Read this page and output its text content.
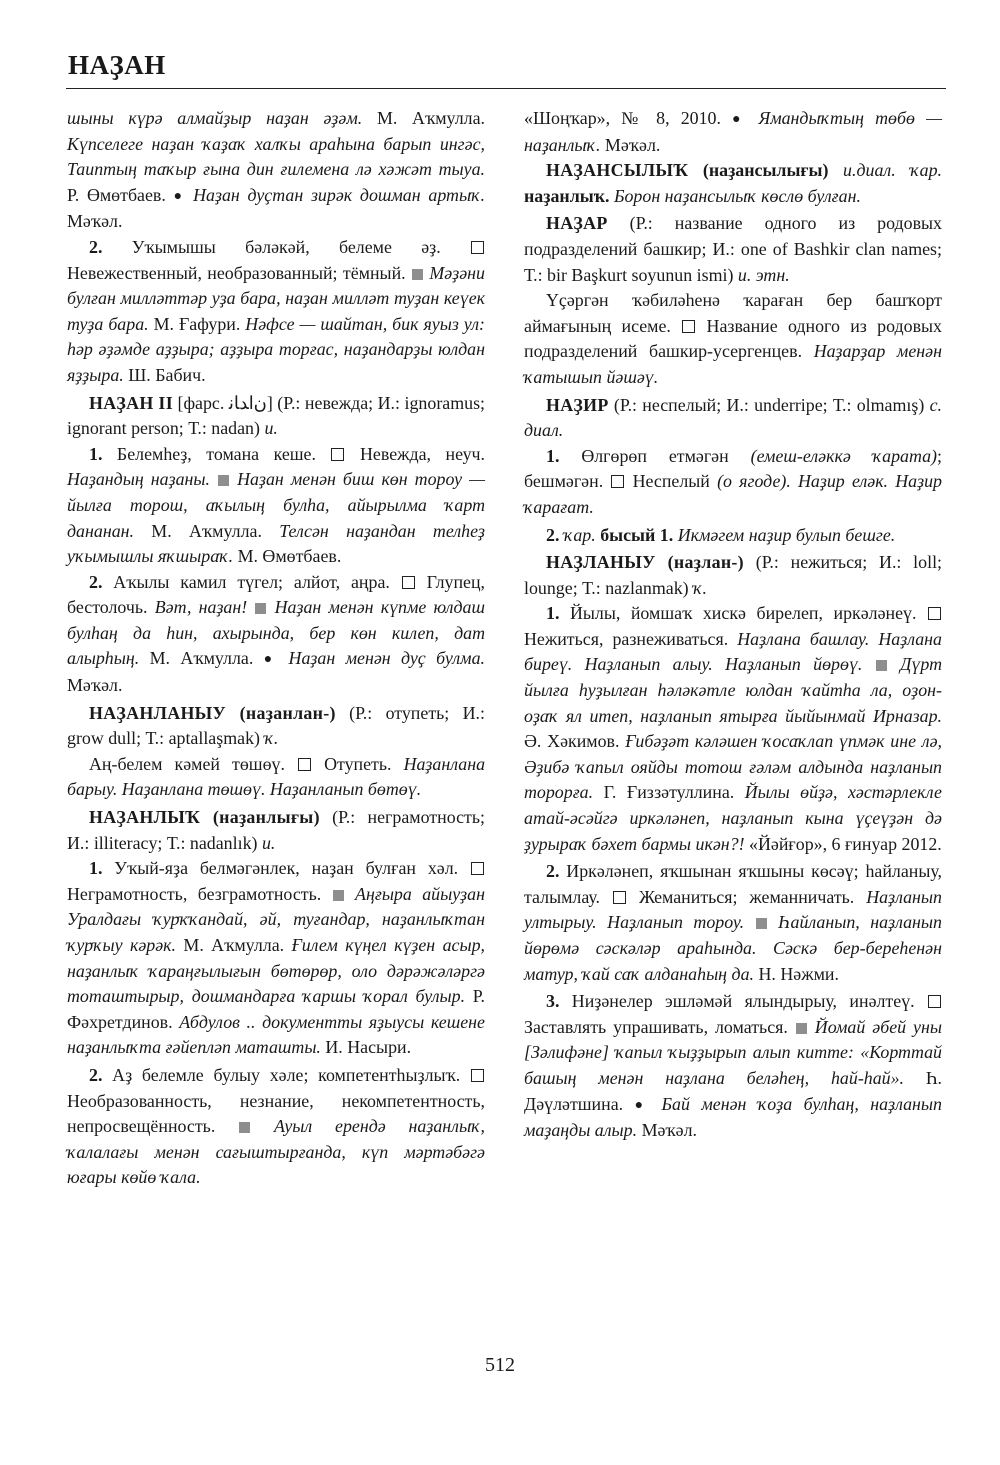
НАҘАН

шыны күрә алмайҙыр наҙан әҙәм. М. Аҡмулла. Күпселеге наҙан ҡаҙаҡ халҡы араһына барып ингәс, Таиптың таҡыр ғына дин ғилемена лә хәжәт тыуа. Р. Өмөтбаев. ● Наҙан дуҫтан зирәк дошман артыҡ. Мәҡәл.

2. Уҡымышы бәләкәй, белеме әҙ.  Невежественный, необразованный; тёмный.  Мәҙәни булған милләттәр уҙа бара, наҙан милләт туҙан кеүек туҙа бара. М. Ғафури. Нәфсе — шайтан, бик яуыз ул: һәр әҙәмде аҙҙыра; аҙҙыра торғас, наҙандарҙы юлдан яҙҙыра. Ш. Бабич.

НАҘАН II [фарс. ﻥﺍﺪﺎﻧ] (Р.: невежда; И.: ignoramus; ignorant person; Т.: nadan) и.

1. Белемһеҙ, томана кеше.  Невежда, неуч. Наҙандың наҙаны. Наҙан менән биш көн тороу — йылға торош, аҡылың булһа, айырылма ҡарт дананан. М. Аҡмулла. Телсән наҙандан телһеҙ уҡымышлы яҡшыраҡ. М. Өмөтбаев.

2. Аҡылы камил түгел; алйот, аңра.  Глупец, бестолочь. Вәт, наҙан! Наҙан менән күпме юлдаш булһаң да һин, ахырында, бер көн килеп, дат алырһың. М. Аҡмулла. ● Наҙан менән дуҫ булма. Мәҡәл.

НАҘАНЛАНЫУ (наҙанлан-) (Р.: отупеть; И.: grow dull; Т.: aptallaşmak) ҡ.

Аң-белем кәмей төшөү.  Отупеть. Наҙанлана барыу. Наҙанлана төшөү. Наҙанланып бөтөү.

НАҘАНЛЫҠ (наҙанлығы) (Р.: неграмотность; И.: illiteracy; Т.: nadanlık) и.

1. Уҡый-яҙа белмәгәнлек, наҙан булған хәл.  Неграмотность, безграмотность.  Аңғыра айыуҙан Уралдағы ҡурҡҡандай, әй, туғандар, наҙанлыҡтан ҡурҡыу кәрәк. М. Аҡмулла. Ғилем күңел күҙен асыр, наҙанлыҡ ҡараңғылығын бөтөрөр, оло дәрәжәләргә тоташтырыр, дошмандарға ҡаршы ҡорал булыр. Р. Фәхретдинов. Абдулов .. документты яҙыусы кешене наҙанлыҡта ғәйепләп маташты. И. Насыри.

2. Аҙ белемле булыу хәле; компетентһыҙлыҡ.  Необразованность, незнание, некомпетентность, непросвещённость.  Ауыл ерендә наҙанлыҡ, ҡалалағы менән сағыштырғанда, күп мәртәбәгә юғары көйө ҡала.

«Шоңҡар», № 8, 2010. ● Ямандыҡтың төбө — наҙанлыҡ. Мәҡәл.

НАҘАНСЫЛЫҠ (наҙансылығы) и.диал. ҡар. наҙанлыҡ. Борон наҙансылыҡ көслө булған.

НАҘАР (Р.: название одного из родовых подразделений башкир; И.: one of Bashkir clan names; Т.: bir Başkurt soyunun ismi) и. этн.

Үҫәргән ҡәбиләһенә ҡараған бер башҡорт аймағының исеме.  Название одного из родовых подразделений башкир-усергенцев. Наҙарҙар менән ҡатышып йәшәү.

НАҘИР (Р.: неспелый; И.: underripe; Т.: olmamış) с. диал.

1. Өлгөрөп етмәгән (емеш-еләккә ҡарата); бешмәгән.  Неспелый (о ягоде). Наҙир еләк. Наҙир ҡарағат.

2. ҡар. бысый 1. Икмәгем наҙир булып бешге.

НАҘЛАНЫУ (наҙлан-) (Р.: нежиться; И.: loll; lounge; Т.: nazlanmak) ҡ.

1. Йылы, йомшаҡ хискә бирелеп, иркәләнеү.  Нежиться, разнеживаться. Наҙлана башлау. Наҙлана биреү. Наҙланып алыу. Наҙланып йөрөү. Дүрт йылға һуҙылған һәләкәтле юлдан ҡайтһа ла, оҙон-оҙаҡ ял итеп, наҙланып ятырға йыйынмай Ирназар. Ә. Хәкимов. Ғибәҙәт кәләшен ҡосаҡлап үпмәк ине лә, Әҙибә ҡапыл ояйды тотош ғәләм алдында наҙланып торорға. Г. Ғиззәтуллина. Йылы өйҙә, хәстәрлекле атай-әсәйгә иркәләнеп, наҙланып кына үҫеүҙән дә ҙурыраҡ бәхет бармы икән?! «Йәйғор», 6 ғинуар 2012.

2. Иркәләнеп, яҡшынан яҡшыны көсәү; һайланыу, талымлау.  Жеманиться; жеманничать. Наҙланып ултырыу. Наҙланып тороу. Һайланып, наҙланып йөрөмә сәскәләр араһында. Сәскә бер-береһенән матур, ҡай саҡ алданаһың да. Н. Нәжми.

3. Ниҙәнелер эшләмәй ялындырыу, инәлтеү.  Заставлять упрашивать, ломаться.  Йомай әбей уны [Зәлифәне] ҡапыл ҡыҙҙырып алып китте: «Корттай башың менән наҙлана беләһең, һай-һай». Һ. Дәүләтшина. ● Бай менән ҡоҙа булһаң, наҙланып маҙаңды алыр. Мәҡәл.

512
